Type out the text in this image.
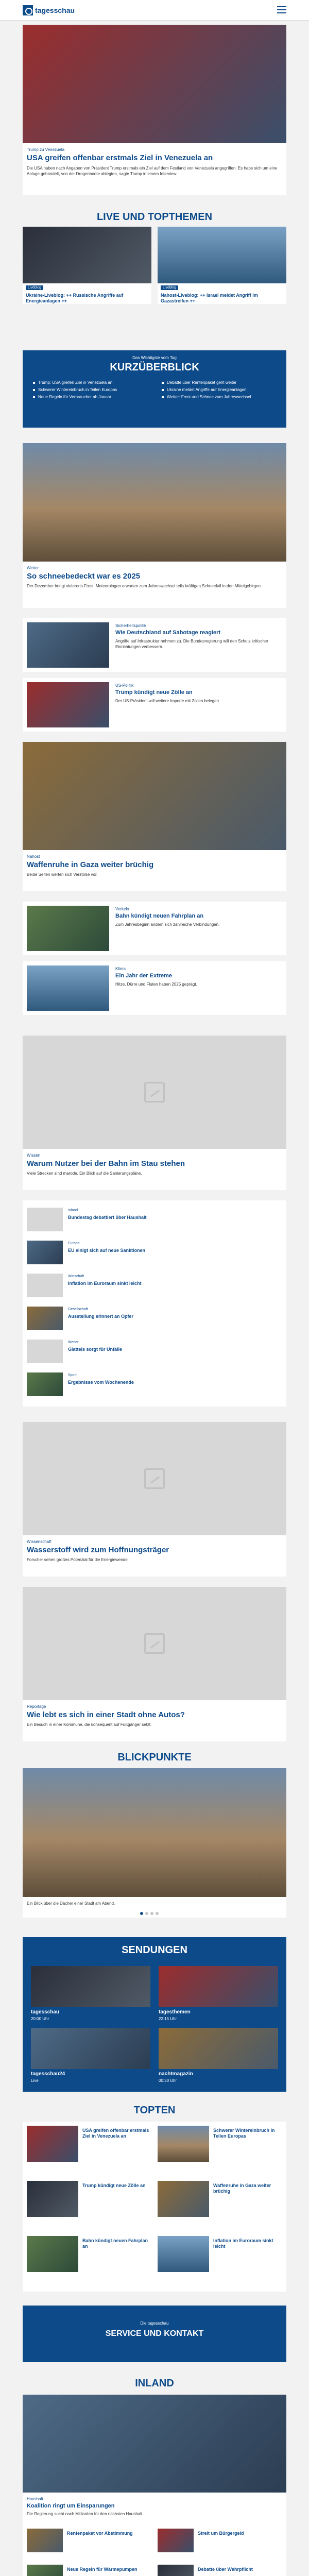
tagesschau
Trump zu Venezuela
USA greifen offenbar erstmals Ziel in Venezuela an
Die USA haben nach Angaben von Präsident Trump erstmals ein Ziel auf dem Festland von Venezuela angegriffen. Es habe sich um eine Anlage gehandelt, von der Drogenboote ablegten, sagte Trump in einem Interview.
LIVE UND TOPTHEMEN
Liveblog
Ukraine-Liveblog: ++ Russische Angriffe auf Energieanlagen ++
Liveblog
Nahost-Liveblog: ++ Israel meldet Angriff im Gazastreifen ++
Das Wichtigste vom Tag
KURZÜBERBLICK
Trump: USA greifen Ziel in Venezuela an
Schwerer Wintereinbruch in Teilen Europas
Neue Regeln für Verbraucher ab Januar
Debatte über Rentenpaket geht weiter
Ukraine meldet Angriffe auf Energieanlagen
Wetter: Frost und Schnee zum Jahreswechsel
Wetter
So schneebedeckt war es 2025
Der Dezember bringt vielerorts Frost. Meteorologen erwarten zum Jahreswechsel teils kräftigen Schneefall in den Mittelgebirgen.
Sicherheitspolitik
Wie Deutschland auf Sabotage reagiert
Angriffe auf Infrastruktur nehmen zu. Die Bundesregierung will den Schutz kritischer Einrichtungen verbessern.
US-Politik
Trump kündigt neue Zölle an
Der US-Präsident will weitere Importe mit Zöllen belegen.
Nahost
Waffenruhe in Gaza weiter brüchig
Beide Seiten werfen sich Verstöße vor.
Verkehr
Bahn kündigt neuen Fahrplan an
Zum Jahresbeginn ändern sich zahlreiche Verbindungen.
Klima
Ein Jahr der Extreme
Hitze, Dürre und Fluten haben 2025 geprägt.
Wissen
Warum Nutzer bei der Bahn im Stau stehen
Viele Strecken sind marode. Ein Blick auf die Sanierungspläne.
Inland
Bundestag debattiert über Haushalt
Europa
EU einigt sich auf neue Sanktionen
Wirtschaft
Inflation im Euroraum sinkt leicht
Gesellschaft
Ausstellung erinnert an Opfer
Wetter
Glatteis sorgt für Unfälle
Sport
Ergebnisse vom Wochenende
Wissenschaft
Wasserstoff wird zum Hoffnungsträger
Forscher sehen großes Potenzial für die Energiewende.
Reportage
Wie lebt es sich in einer Stadt ohne Autos?
Ein Besuch in einer Kommune, die konsequent auf Fußgänger setzt.
BLICKPUNKTE
Ein Blick über die Dächer einer Stadt am Abend.
SENDUNGEN
tagesschau
20:00 Uhr
tagesthemen
22:15 Uhr
tagesschau24
Live
nachtmagazin
00:30 Uhr
TOPTEN
USA greifen offenbar erstmals Ziel in Venezuela an
Schwerer Wintereinbruch in Teilen Europas
Trump kündigt neue Zölle an	Waffenruhe in Gaza weiter brüchig
Bahn kündigt neuen Fahrplan an
Inflation im Euroraum sinkt leicht
Die tagesschau
SERVICE UND KONTAKT
INLAND
Haushalt
Koalition ringt um Einsparungen
Die Regierung sucht nach Milliarden für den nächsten Haushalt.
Rentenpaket vor Abstimmung	Streit um Bürgergeld
Neue Regeln für Wärmepumpen	Debatte über Wehrpflicht
